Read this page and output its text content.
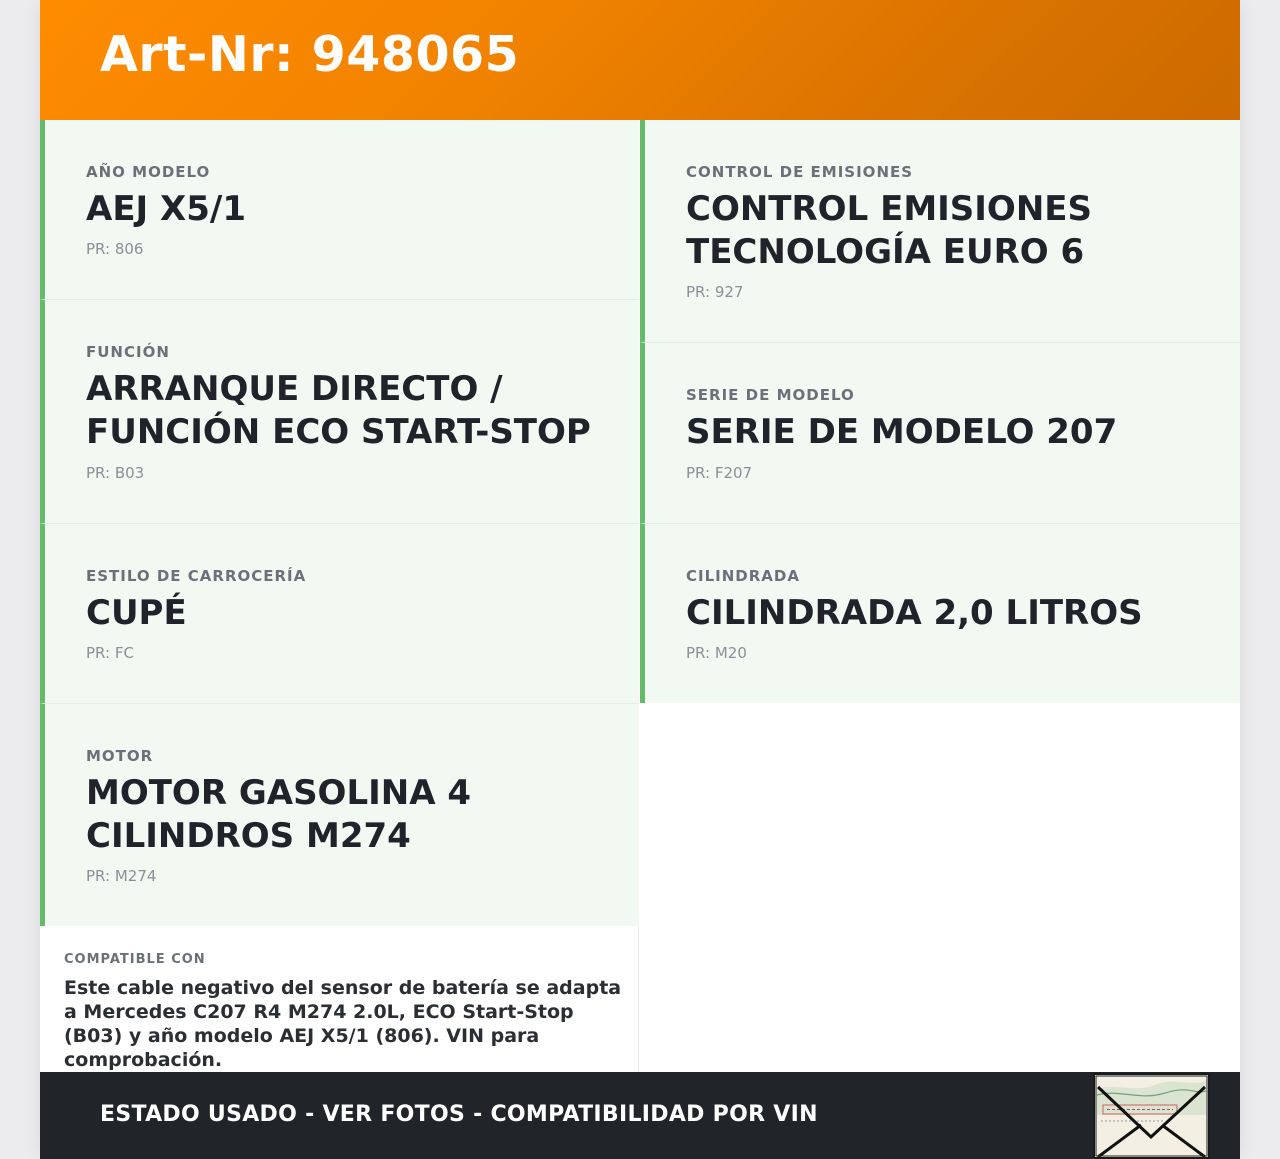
Art-Nr: 948065
AÑO MODELO
AEJ X5/1
PR: 806
FUNCIÓN
ARRANQUE DIRECTO / FUNCIÓN ECO START-STOP
PR: B03
ESTILO DE CARROCERÍA
CUPÉ
PR: FC
MOTOR
MOTOR GASOLINA 4 CILINDROS M274
PR: M274
CONTROL DE EMISIONES
CONTROL EMISIONES TECNOLOGÍA EURO 6
PR: 927
SERIE DE MODELO
SERIE DE MODELO 207
PR: F207
CILINDRADA
CILINDRADA 2,0 LITROS
PR: M20
COMPATIBLE CON
Este cable negativo del sensor de batería se adapta a Mercedes C207 R4 M274 2.0L, ECO Start-Stop (B03) y año modelo AEJ X5/1 (806). VIN para comprobación.
ESTADO USADO - VER FOTOS - COMPATIBILIDAD POR VIN
